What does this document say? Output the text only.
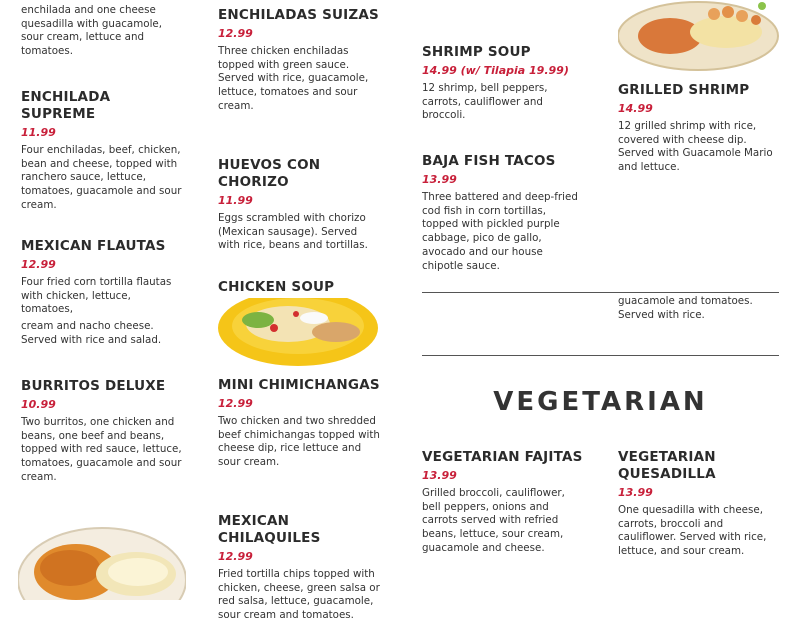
enchilada and one cheese quesadilla with guacamole, sour cream, lettuce and tomatoes.

ENCHILADA SUPREME

11.99

Four enchiladas, beef, chicken, bean and cheese, topped with ranchero sauce, lettuce, tomatoes, guacamole and sour cream.

MEXICAN FLAUTAS

12.99

Four fried corn tortilla flautas with chicken, lettuce, tomatoes,

cream and nacho cheese. Served with rice and salad.

BURRITOS DELUXE

10.99

Two burritos, one chicken and beans, one beef and beans, topped with red sauce, lettuce, tomatoes, guacamole and sour cream.

ENCHILADAS SUIZAS

12.99

Three chicken enchiladas topped with green sauce. Served with rice, guacamole, lettuce, tomatoes and sour cream.

HUEVOS CON CHORIZO

11.99

Eggs scrambled with chorizo (Mexican sausage). Served with rice, beans and tortillas.

CHICKEN SOUP

MINI CHIMICHANGAS

12.99

Two chicken and two shredded beef chimichangas topped with cheese dip, rice lettuce and sour cream.

MEXICAN CHILAQUILES

12.99

Fried tortilla chips topped with chicken, cheese, green salsa or red salsa, lettuce, guacamole, sour cream and tomatoes.

SHRIMP SOUP

14.99 (w/ Tilapia 19.99)

12 shrimp, bell peppers, carrots, cauliflower and broccoli.

BAJA FISH TACOS

13.99

Three battered and deep-fried cod fish in corn tortillas, topped with pickled purple cabbage, pico de gallo, avocado and our house chipotle sauce.

VEGETARIAN

VEGETARIAN FAJITAS

13.99

Grilled broccoli, cauliflower, bell peppers, onions and carrots served with refried beans, lettuce, sour cream, guacamole and cheese.

GRILLED SHRIMP

14.99

12 grilled shrimp with rice, covered with cheese dip. Served with Guacamole Mario and lettuce.

guacamole and tomatoes. Served with rice.

VEGETARIAN QUESADILLA

13.99

One quesadilla with cheese, carrots, broccoli and cauliflower. Served with rice, lettuce, and sour cream.
